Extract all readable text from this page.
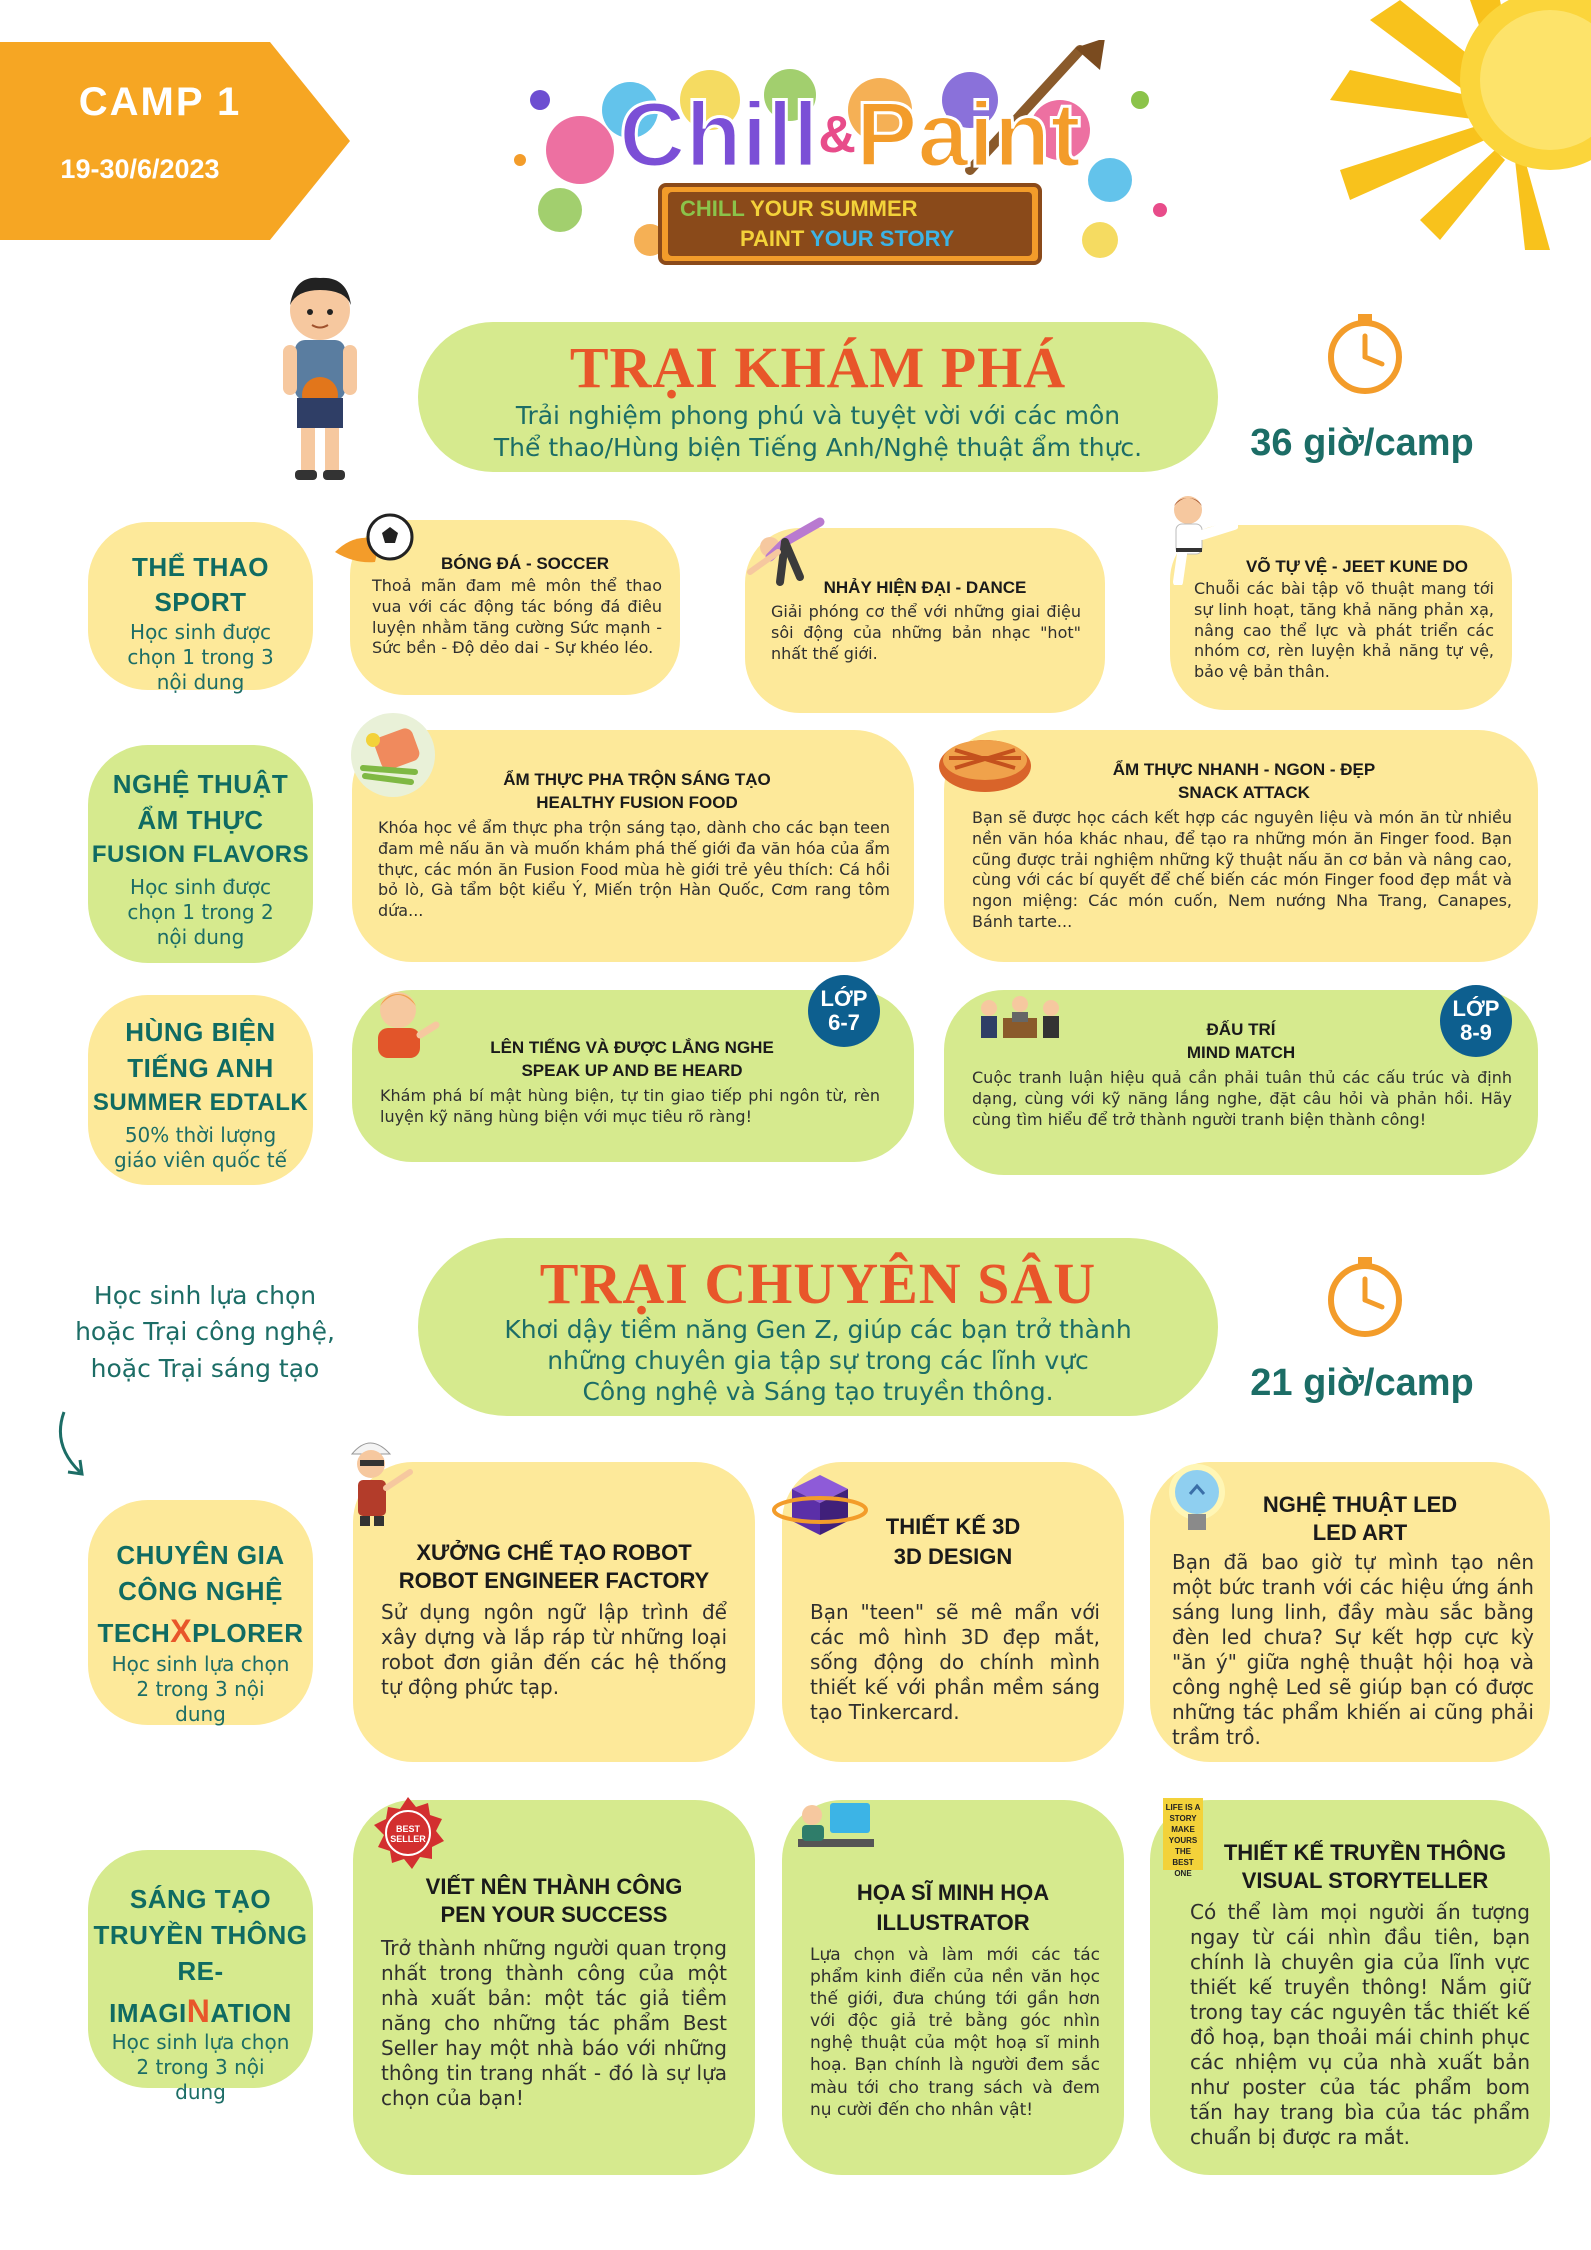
CAMP 1
19-30/6/2023	Chill&Paint
CHILL YOUR SUMMER
PAINT YOUR STORY
TRẠI KHÁM PHÁ
Trải nghiệm phong phú và tuyệt vời với các môn
Thể thao/Hùng biện Tiếng Anh/Nghệ thuật ẩm thực.	36 giờ/camp
THỂ THAO
SPORT
Học sinh được chọn 1 trong 3 nội dung
BÓNG ĐÁ - SOCCER
Thoả mãn đam mê môn thể thao vua với các động tác bóng đá điêu luyện nhằm tăng cường Sức mạnh - Sức bền - Độ dẻo dai - Sự khéo léo.
NHẢY HIỆN ĐẠI - DANCE
Giải phóng cơ thể với những giai điệu sôi động của những bản nhạc "hot" nhất thế giới.
VÕ TỰ VỆ - JEET KUNE DO
Chuỗi các bài tập võ thuật mang tới sự linh hoạt, tăng khả năng phản xạ, nâng cao thể lực và phát triển các nhóm cơ, rèn luyện khả năng tự vệ, bảo vệ bản thân.
NGHỆ THUẬT
ẨM THỰC
FUSION FLAVORS
Học sinh được chọn 1 trong 2 nội dung
ẨM THỰC PHA TRỘN SÁNG TẠO
HEALTHY FUSION FOOD
Khóa học về ẩm thực pha trộn sáng tạo, dành cho các bạn teen đam mê nấu ăn và muốn khám phá thế giới đa văn hóa của ẩm thực, các món ăn Fusion Food mùa hè giới trẻ yêu thích: Cá hồi bỏ lò, Gà tẩm bột kiểu Ý, Miến trộn Hàn Quốc, Cơm rang tôm dứa...
ẨM THỰC NHANH - NGON - ĐẸP
SNACK ATTACK
Bạn sẽ được học cách kết hợp các nguyên liệu và món ăn từ nhiều nền văn hóa khác nhau, để tạo ra những món ăn Finger food. Bạn cũng được trải nghiệm những kỹ thuật nấu ăn cơ bản và nâng cao, cùng với các bí quyết để chế biến các món Finger food đẹp mắt và ngon miệng: Các món cuốn, Nem nướng Nha Trang, Canapes, Bánh tarte...
HÙNG BIỆN
TIẾNG ANH
SUMMER EDTALK
50% thời lượng giáo viên quốc tế
LÊN TIẾNG VÀ ĐƯỢC LẮNG NGHE
SPEAK UP AND BE HEARD
Khám phá bí mật hùng biện, tự tin giao tiếp phi ngôn từ, rèn luyện kỹ năng hùng biện với mục tiêu rõ ràng!
LỚP
6-7	ĐẤU TRÍ
MIND MATCH
Cuộc tranh luận hiệu quả cần phải tuân thủ các cấu trúc và định dạng, cùng với kỹ năng lắng nghe, đặt câu hỏi và phản hồi. Hãy cùng tìm hiểu để trở thành người tranh biện thành công!
LỚP
8-9
Học sinh lựa chọn hoặc Trại công nghệ, hoặc Trại sáng tạo
TRẠI CHUYÊN SÂU
Khơi dậy tiềm năng Gen Z, giúp các bạn trở thành
những chuyên gia tập sự trong các lĩnh vực
Công nghệ và Sáng tạo truyền thông.	21 giờ/camp
CHUYÊN GIA
CÔNG NGHỆ
TECHXPLORER
Học sinh lựa chọn 2 trong 3 nội dung
XƯỞNG CHẾ TẠO ROBOT
ROBOT ENGINEER FACTORY
Sử dụng ngôn ngữ lập trình để xây dựng và lắp ráp từ những loại robot đơn giản đến các hệ thống tự động phức tạp.
THIẾT KẾ 3D
3D DESIGN
Bạn "teen" sẽ mê mẩn với các mô hình 3D đẹp mắt, sống động do chính mình thiết kế với phần mềm sáng tạo Tinkercard.
NGHỆ THUẬT LED
LED ART
Bạn đã bao giờ tự mình tạo nên một bức tranh với các hiệu ứng ánh sáng lung linh, đầy màu sắc bằng đèn led chưa? Sự kết hợp cực kỳ "ăn ý" giữa nghệ thuật hội hoạ và công nghệ Led sẽ giúp bạn có được những tác phẩm khiến ai cũng phải trầm trồ.
SÁNG TẠO
TRUYỀN THÔNG
RE-
IMAGINATION
Học sinh lựa chọn 2 trong 3 nội dung
VIẾT NÊN THÀNH CÔNG
PEN YOUR SUCCESS
Trở thành những người quan trọng nhất trong thành công của một nhà xuất bản: một tác giả tiềm năng cho những tác phẩm Best Seller hay một nhà báo với những thông tin trang nhất - đó là sự lựa chọn của bạn!
BEST SELLER
HỌA SĨ MINH HỌA
ILLUSTRATOR
Lựa chọn và làm mới các tác phẩm kinh điển của nền văn học thế giới, đưa chúng tới gần hơn với độc giả trẻ bằng góc nhìn nghệ thuật của một hoạ sĩ minh hoạ. Bạn chính là người đem sắc màu tới cho trang sách và đem nụ cười đến cho nhân vật!
THIẾT KẾ TRUYỀN THÔNG
VISUAL STORYTELLER
Có thể làm mọi người ấn tượng ngay từ cái nhìn đầu tiên, bạn chính là chuyên gia của lĩnh vực thiết kế truyền thông! Nắm giữ trong tay các nguyên tắc thiết kế đồ hoạ, bạn thoải mái chinh phục các nhiệm vụ của nhà xuất bản như poster của tác phẩm bom tấn hay trang bìa của tác phẩm chuẩn bị được ra mắt.
LIFE IS A STORY MAKE YOURS THE BEST ONE
